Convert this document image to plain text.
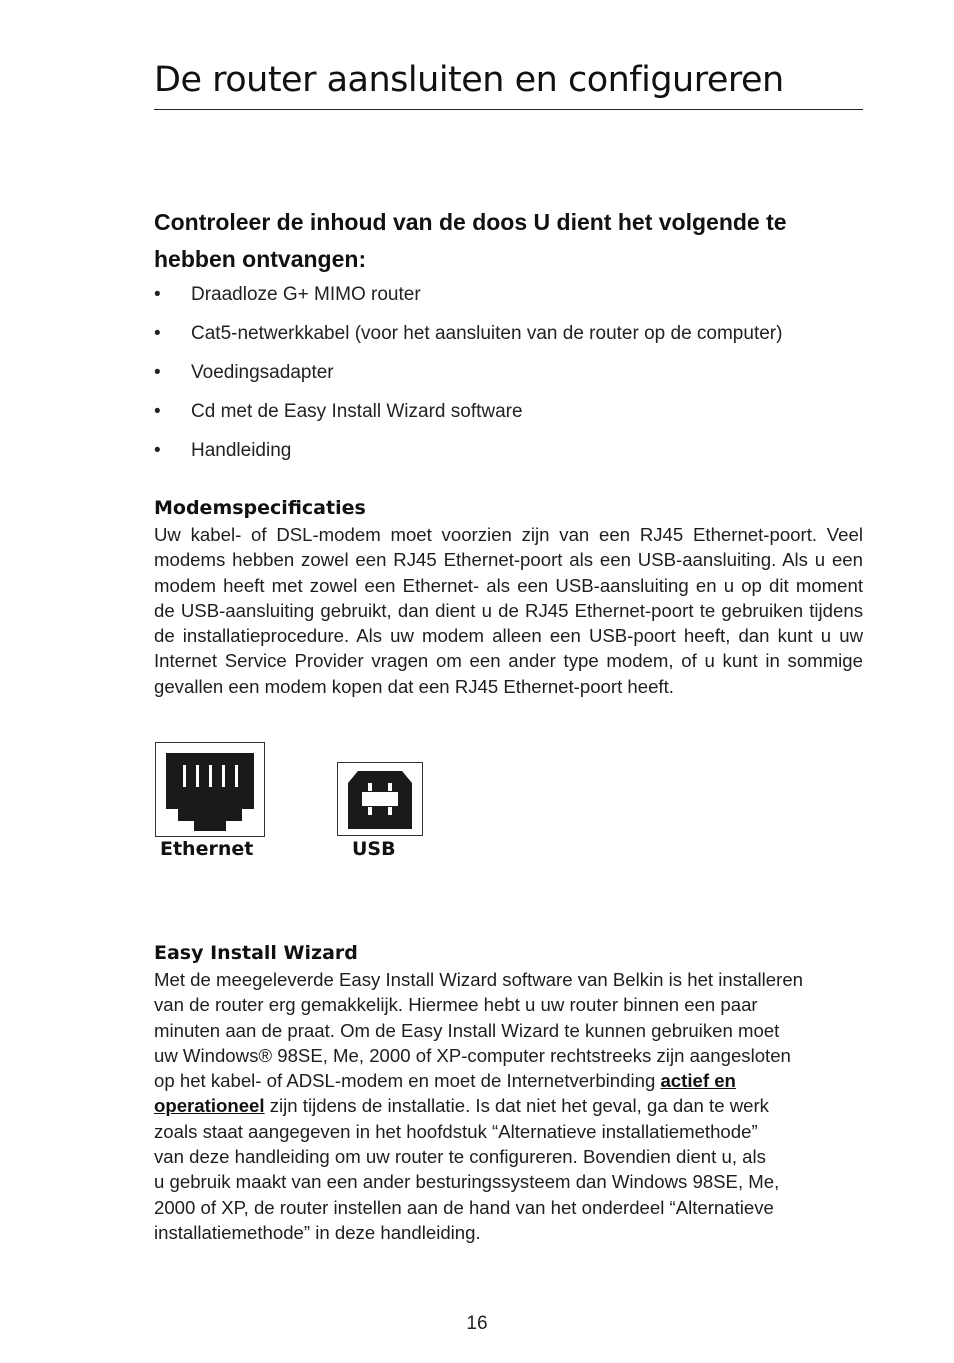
De router aansluiten en configureren
Controleer de inhoud van de doos U dient het volgende te hebben ontvangen:
•	Draadloze G+ MIMO router
•	Cat5-netwerkkabel (voor het aansluiten van de router op de computer)
•	Voedingsadapter
•	Cd met de Easy Install Wizard software
•	Handleiding
Modemspecificaties
Uw kabel- of DSL-modem moet voorzien zijn van een RJ45 Ethernet-poort. Veel modems hebben zowel een RJ45 Ethernet-poort als een USB-aansluiting. Als u een modem heeft met zowel een Ethernet- als een USB-aansluiting en u op dit moment de USB-aansluiting gebruikt, dan dient u de RJ45 Ethernet-poort te gebruiken tijdens de installatieprocedure. Als uw modem alleen een USB-poort heeft, dan kunt u uw Internet Service Provider vragen om een ander type modem, of u kunt in sommige gevallen een modem kopen dat een RJ45 Ethernet-poort heeft.
Ethernet	USB
Easy Install Wizard
Met de meegeleverde Easy Install Wizard software van Belkin is het installeren
van de router erg gemakkelijk. Hiermee hebt u uw router binnen een paar
minuten aan de praat. Om de Easy Install Wizard te kunnen gebruiken moet
uw Windows® 98SE, Me, 2000 of XP-computer rechtstreeks zijn aangesloten
op het kabel- of ADSL-modem en moet de Internetverbinding actief en
operationeel zijn tijdens de installatie. Is dat niet het geval, ga dan te werk
zoals staat aangegeven in het hoofdstuk “Alternatieve installatiemethode”
van deze handleiding om uw router te configureren. Bovendien dient u, als
u gebruik maakt van een ander besturingssysteem dan Windows 98SE, Me,
2000 of XP, de router instellen aan de hand van het onderdeel “Alternatieve
installatiemethode” in deze handleiding.
16
